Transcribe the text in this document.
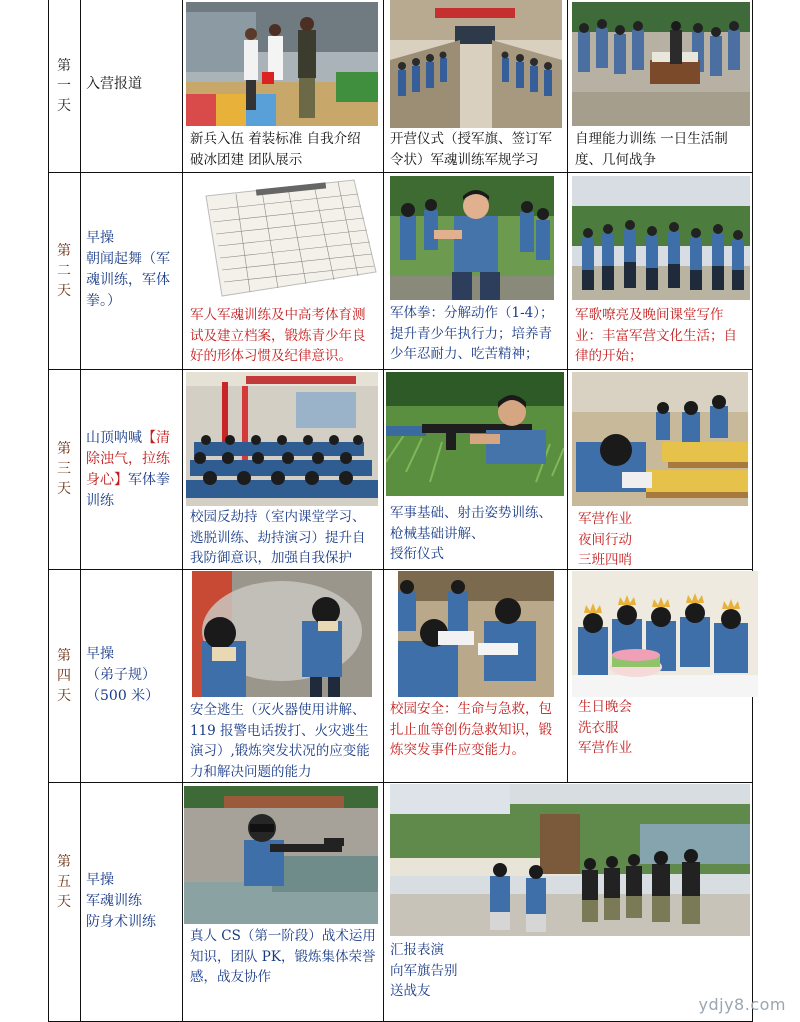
第
一
天
入营报道

新兵入伍 着装标准 自我介绍

破冰团建 团队展示

开营仪式（授军旗、签订军

令状）军魂训练军规学习

自理能力训练 一日生活制

度、几何战争

第
二
天
早操
朝闻起舞（军
魂训练，军体
拳。）

军人军魂训练及中高考体育测

试及建立档案，锻炼青少年良

好的形体习惯及纪律意识。

军体拳：分解动作（1-4）；

提升青少年执行力；培养青

少年忍耐力、吃苦精神；

军歌嘹亮及晚间课堂写作

业：丰富军营文化生活；自

律的开始；

第
三
天
山顶呐喊【清
除浊气，拉练
身心】军体拳
训练

校园反劫持（室内课堂学习、

逃脱训练、劫持演习）提升自

我防御意识，加强自我保护

军事基础、射击姿势训练、

枪械基础讲解、

授衔仪式

军营作业

夜间行动

三班四哨

第
四
天
早操
（弟子规）
（500 米）

安全逃生（灭火器使用讲解、

119 报警电话拨打、火灾逃生

演习）,锻炼突发状况的应变能

力和解决问题的能力

校园安全：生命与急救，包

扎止血等创伤急救知识，锻

炼突发事件应变能力。

生日晚会

洗衣服

军营作业

第
五
天
早操
军魂训练
防身术训练

真人 CS（第一阶段）战术运用

知识，团队 PK，锻炼集体荣誉

感，战友协作

汇报表演

向军旗告别

送战友

ydjy8.com
